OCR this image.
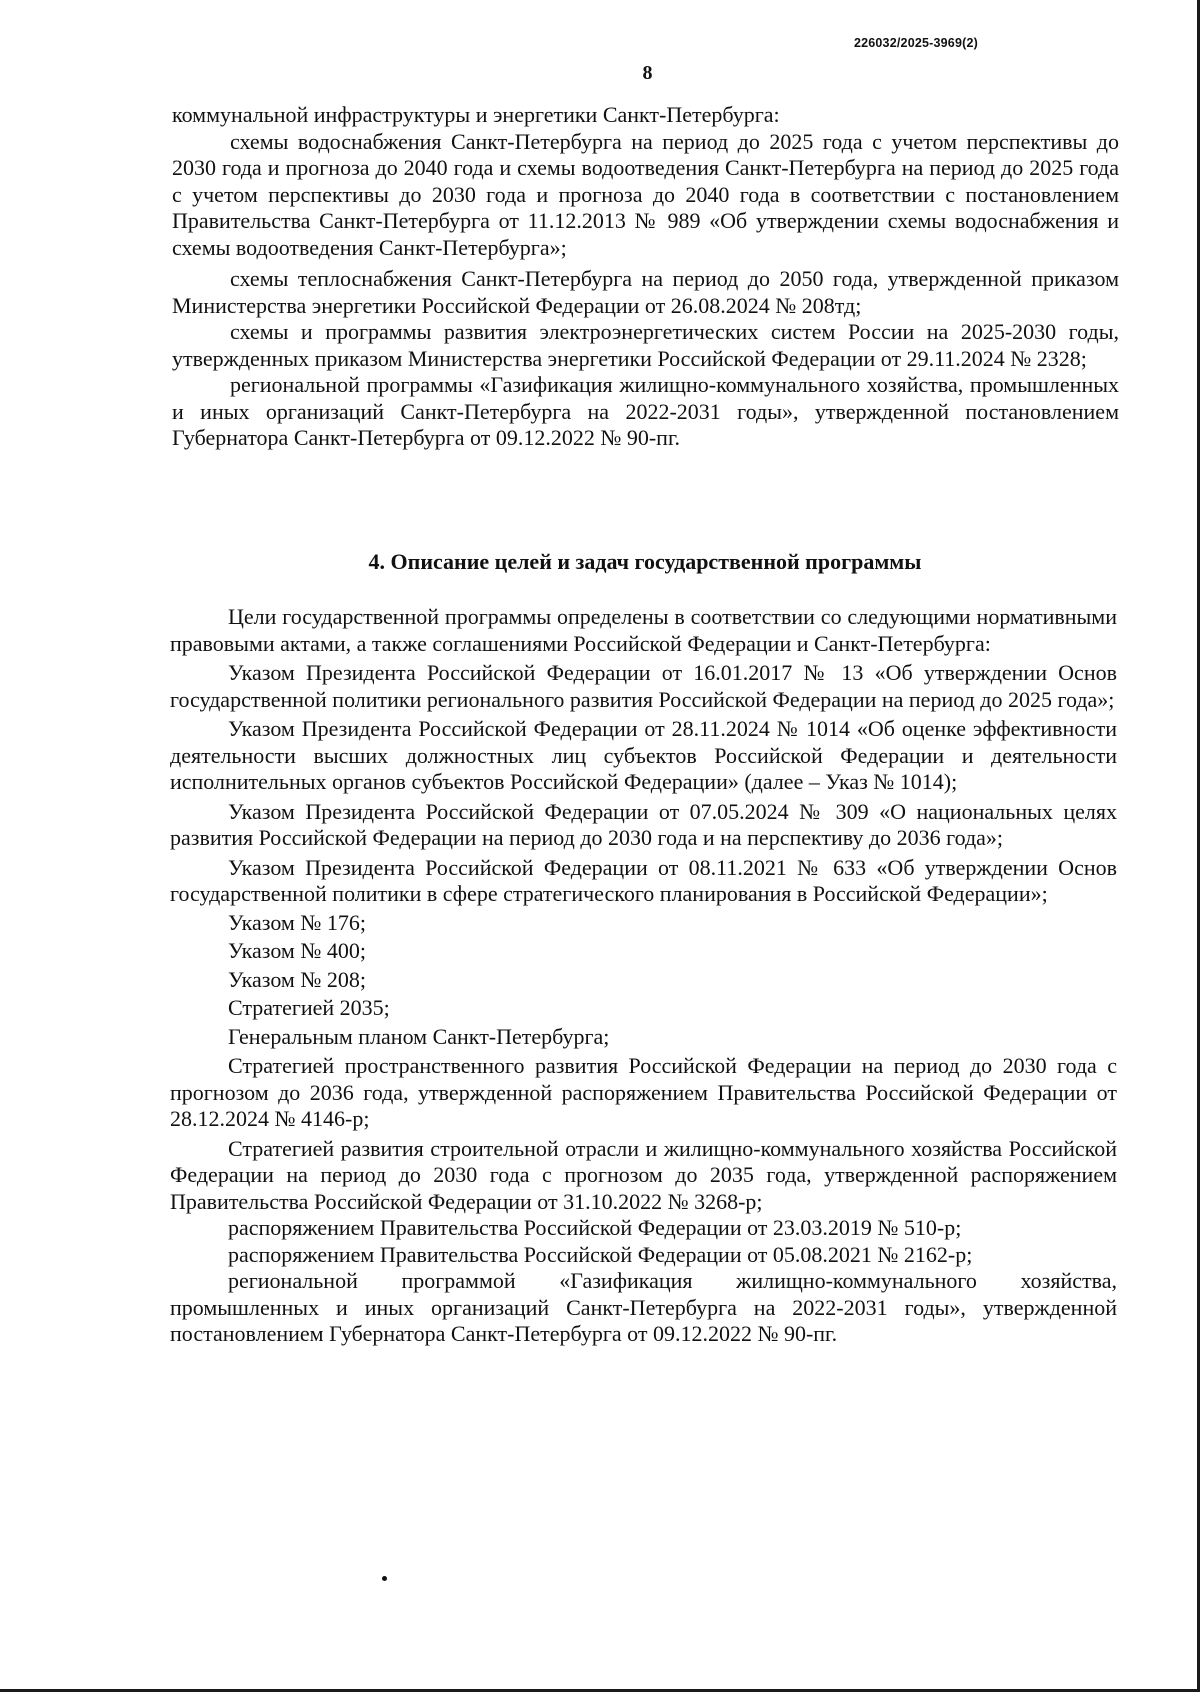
226032/2025-3969(2)
8

коммунальной инфраструктуры и энергетики Санкт-Петербурга:

схемы водоснабжения Санкт-Петербурга на период до 2025 года с учетом перспективы до 2030 года и прогноза до 2040 года и схемы водоотведения Санкт-Петербурга на период до 2025 года с учетом перспективы до 2030 года и прогноза до 2040 года в соответствии с постановлением Правительства Санкт-Петербурга от 11.12.2013 № 989 «Об утверждении схемы водоснабжения и схемы водоотведения Санкт-Петербурга»;

схемы теплоснабжения Санкт-Петербурга на период до 2050 года, утвержденной приказом Министерства энергетики Российской Федерации от 26.08.2024 № 208тд;

схемы и программы развития электроэнергетических систем России на 2025-2030 годы, утвержденных приказом Министерства энергетики Российской Федерации от 29.11.2024 № 2328;

региональной программы «Газификация жилищно-коммунального хозяйства, промышленных и иных организаций Санкт-Петербурга на 2022-2031 годы», утвержденной постановлением Губернатора Санкт-Петербурга от 09.12.2022 № 90-пг.

4. Описание целей и задач государственной программы

Цели государственной программы определены в соответствии со следующими нормативными правовыми актами, а также соглашениями Российской Федерации и Санкт-Петербурга:

Указом Президента Российской Федерации от 16.01.2017 № 13 «Об утверждении Основ государственной политики регионального развития Российской Федерации на период до 2025 года»;

Указом Президента Российской Федерации от 28.11.2024 № 1014 «Об оценке эффективности деятельности высших должностных лиц субъектов Российской Федерации и деятельности исполнительных органов субъектов Российской Федерации» (далее – Указ № 1014);

Указом Президента Российской Федерации от 07.05.2024 № 309 «О национальных целях развития Российской Федерации на период до 2030 года и на перспективу до 2036 года»;

Указом Президента Российской Федерации от 08.11.2021 № 633 «Об утверждении Основ государственной политики в сфере стратегического планирования в Российской Федерации»;

Указом № 176;

Указом № 400;

Указом № 208;

Стратегией 2035;

Генеральным планом Санкт-Петербурга;

Стратегией пространственного развития Российской Федерации на период до 2030 года с прогнозом до 2036 года, утвержденной распоряжением Правительства Российской Федерации от 28.12.2024 № 4146-р;

Стратегией развития строительной отрасли и жилищно-коммунального хозяйства Российской Федерации на период до 2030 года с прогнозом до 2035 года, утвержденной распоряжением Правительства Российской Федерации от 31.10.2022 № 3268-р;

распоряжением Правительства Российской Федерации от 23.03.2019 № 510-р;

распоряжением Правительства Российской Федерации от 05.08.2021 № 2162-р;

региональной программой «Газификация жилищно-коммунального хозяйства, промышленных и иных организаций Санкт-Петербурга на 2022-2031 годы», утвержденной постановлением Губернатора Санкт-Петербурга от 09.12.2022 № 90-пг.
